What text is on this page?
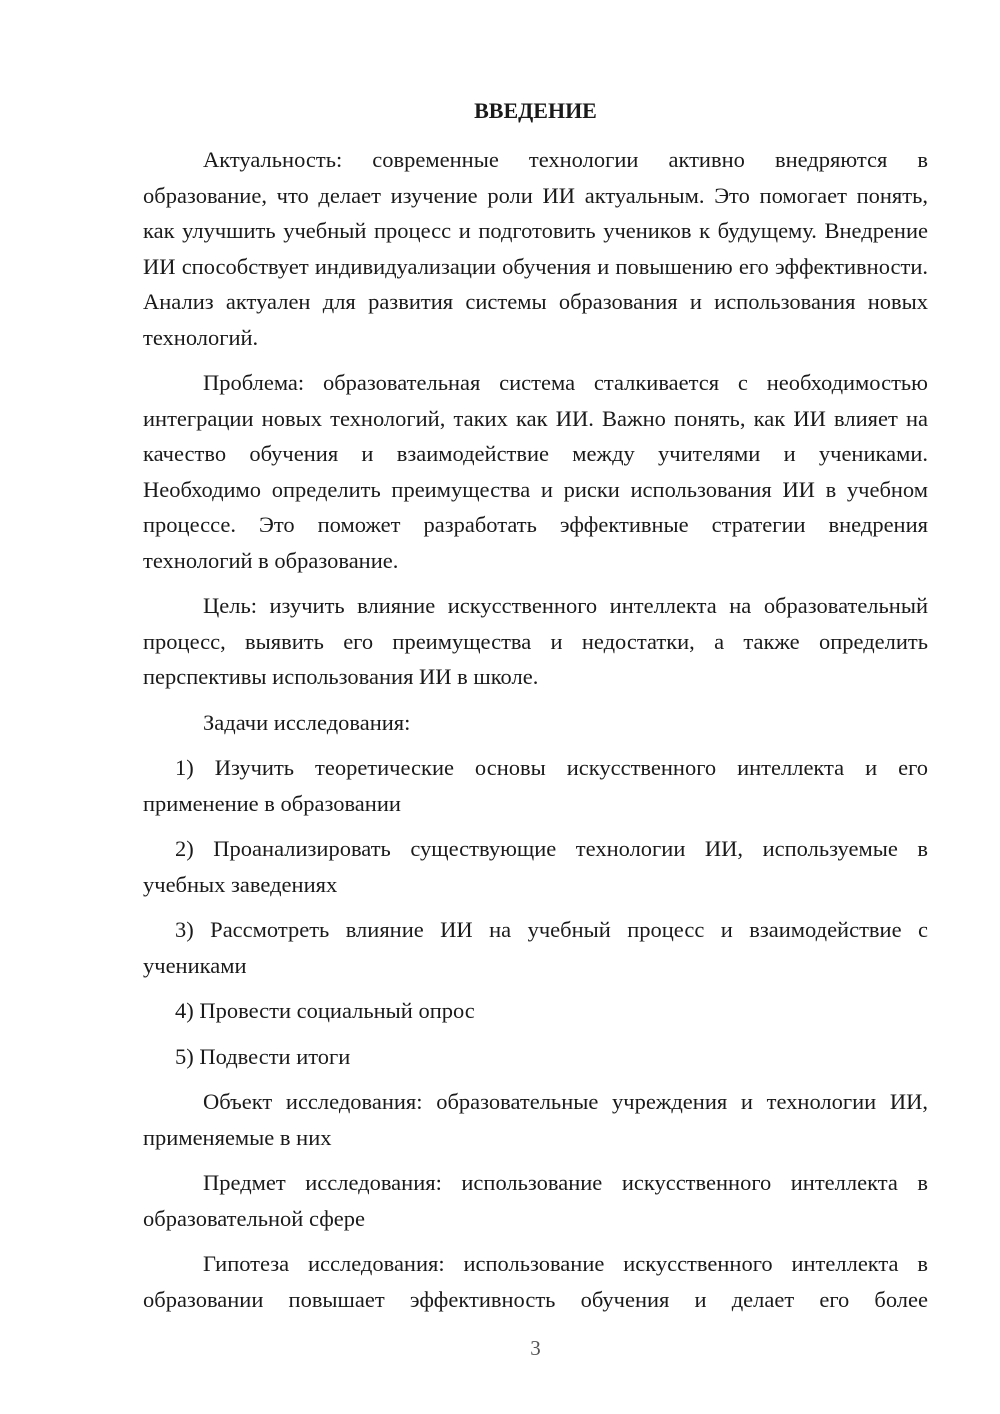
ВВЕДЕНИЕ

Актуальность: современные технологии активно внедряются в образование, что делает изучение роли ИИ актуальным. Это помогает понять, как улучшить учебный процесс и подготовить учеников к будущему. Внедрение ИИ способствует индивидуализации обучения и повышению его эффективности. Анализ актуален для развития системы образования и использования новых технологий.

Проблема: образовательная система сталкивается с необходимостью интеграции новых технологий, таких как ИИ. Важно понять, как ИИ влияет на качество обучения и взаимодействие между учителями и учениками. Необходимо определить преимущества и риски использования ИИ в учебном процессе. Это поможет разработать эффективные стратегии внедрения технологий в образование.

Цель: изучить влияние искусственного интеллекта на образовательный процесс, выявить его преимущества и недостатки, а также определить перспективы использования ИИ в школе.

Задачи исследования:

1) Изучить теоретические основы искусственного интеллекта и его применение в образовании

2) Проанализировать существующие технологии ИИ, используемые в учебных заведениях

3) Рассмотреть влияние ИИ на учебный процесс и взаимодействие с учениками

4) Провести социальный опрос

5) Подвести итоги

Объект исследования: образовательные учреждения и технологии ИИ, применяемые в них

Предмет исследования: использование искусственного интеллекта в образовательной сфере

Гипотеза исследования: использование искусственного интеллекта в образовании повышает эффективность обучения и делает его более

3
